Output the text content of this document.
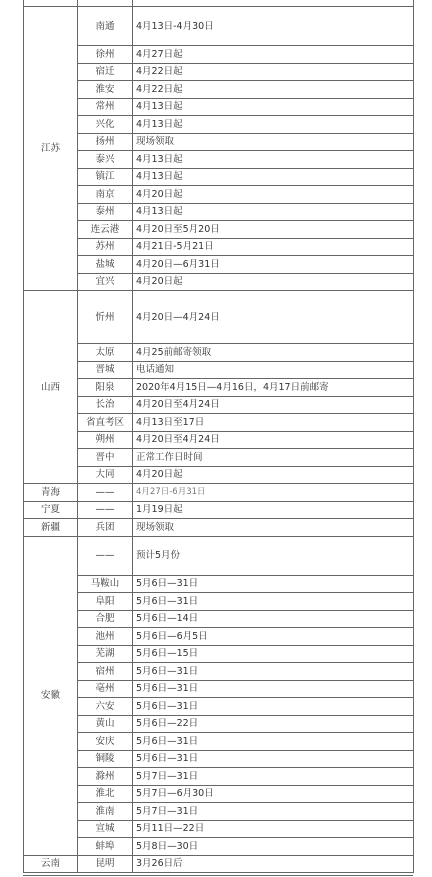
江苏	南通	4月13日-4月30日
	徐州	4月27日起
	宿迁	4月22日起
	淮安	4月22日起
	常州	4月13日起
	兴化	4月13日起
	扬州	现场领取
	泰兴	4月13日起
	镇江	4月13日起
	南京	4月20日起
	泰州	4月13日起
	连云港	4月20日至5月20日
	苏州	4月21日-5月21日
	盐城	4月20日—6月31日
	宜兴	4月20日起
山西	忻州	4月20日—4月24日
	太原	4月25前邮寄领取
	晋城	电话通知
	阳泉	2020年4月15日—4月16日，4月17日前邮寄
	长治	4月20日至4月24日
	省直考区	4月13日至17日
	朔州	4月20日至4月24日
	晋中	正常工作日时间
	大同	4月20日起
青海	——	4月27日-6月31日
宁夏	——	1月19日起
新疆	兵团	现场领取
安徽	——	预计5月份
	马鞍山	5月6日—31日
	阜阳	5月6日—31日
	合肥	5月6日—14日
	池州	5月6日—6月5日
	芜湖	5月6日—15日
	宿州	5月6日—31日
	亳州	5月6日—31日
	六安	5月6日—31日
	黄山	5月6日—22日
	安庆	5月6日—31日
	铜陵	5月6日—31日
	滁州	5月7日—31日
	淮北	5月7日—6月30日
	淮南	5月7日—31日
	宣城	5月11日—22日
	蚌埠	5月8日—30日
云南	昆明	3月26日后
